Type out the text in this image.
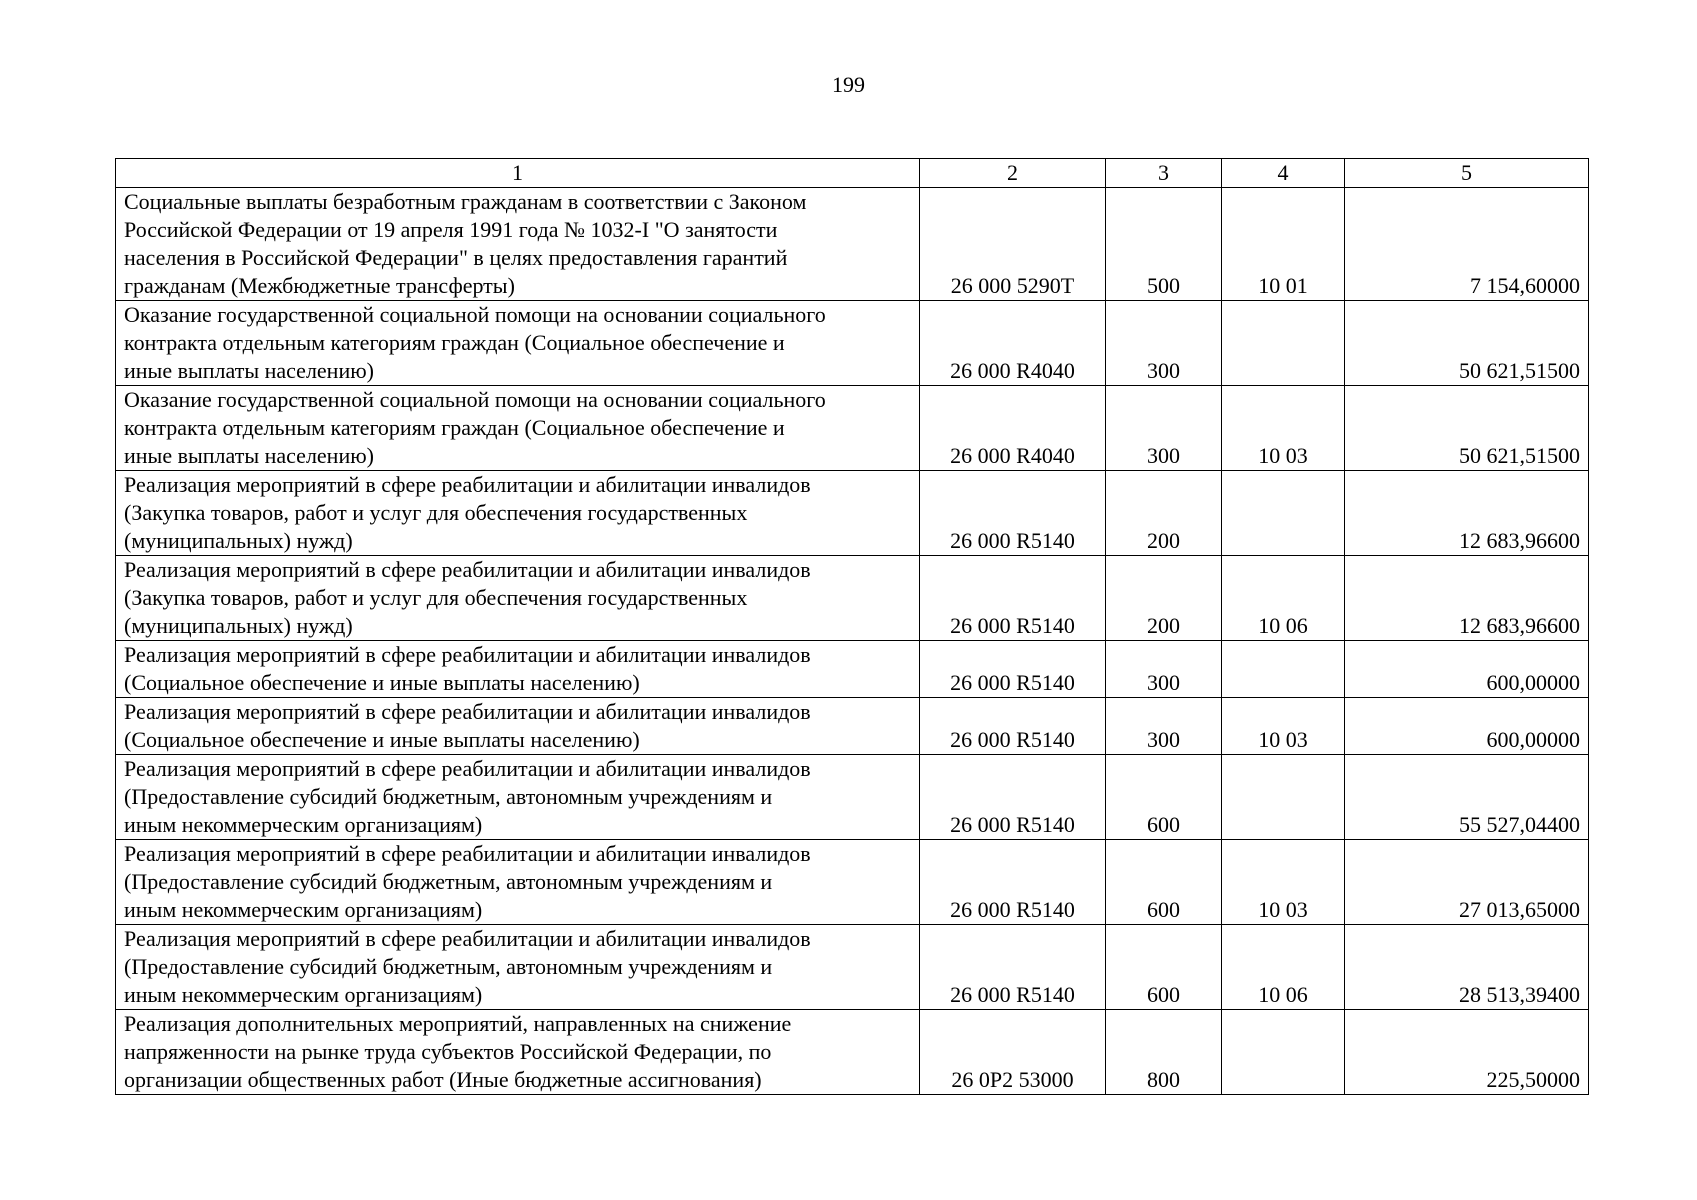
199
1	2	3	4	5

Социальные выплаты безработным гражданам в соответствии с Законом
Российской Федерации от 19 апреля 1991 года № 1032-I "О занятости
населения в Российской Федерации" в целях предоставления гарантий
гражданам (Межбюджетные трансферты)	26 000 5290T	500	10 01	7 154,60000

Оказание государственной социальной помощи на основании социального
контракта отдельным категориям граждан (Социальное обеспечение и
иные выплаты населению)	26 000 R4040	300		50 621,51500

Оказание государственной социальной помощи на основании социального
контракта отдельным категориям граждан (Социальное обеспечение и
иные выплаты населению)	26 000 R4040	300	10 03	50 621,51500

Реализация мероприятий в сфере реабилитации и абилитации инвалидов
(Закупка товаров, работ и услуг для обеспечения государственных
(муниципальных) нужд)	26 000 R5140	200		12 683,96600

Реализация мероприятий в сфере реабилитации и абилитации инвалидов
(Закупка товаров, работ и услуг для обеспечения государственных
(муниципальных) нужд)	26 000 R5140	200	10 06	12 683,96600

Реализация мероприятий в сфере реабилитации и абилитации инвалидов
(Социальное обеспечение и иные выплаты населению)	26 000 R5140	300		600,00000

Реализация мероприятий в сфере реабилитации и абилитации инвалидов
(Социальное обеспечение и иные выплаты населению)	26 000 R5140	300	10 03	600,00000

Реализация мероприятий в сфере реабилитации и абилитации инвалидов
(Предоставление субсидий бюджетным, автономным учреждениям и
иным некоммерческим организациям)	26 000 R5140	600		55 527,04400

Реализация мероприятий в сфере реабилитации и абилитации инвалидов
(Предоставление субсидий бюджетным, автономным учреждениям и
иным некоммерческим организациям)	26 000 R5140	600	10 03	27 013,65000

Реализация мероприятий в сфере реабилитации и абилитации инвалидов
(Предоставление субсидий бюджетным, автономным учреждениям и
иным некоммерческим организациям)	26 000 R5140	600	10 06	28 513,39400

Реализация дополнительных мероприятий, направленных на снижение
напряженности на рынке труда субъектов Российской Федерации, по
организации общественных работ (Иные бюджетные ассигнования)	26 0P2 53000	800		225,50000
